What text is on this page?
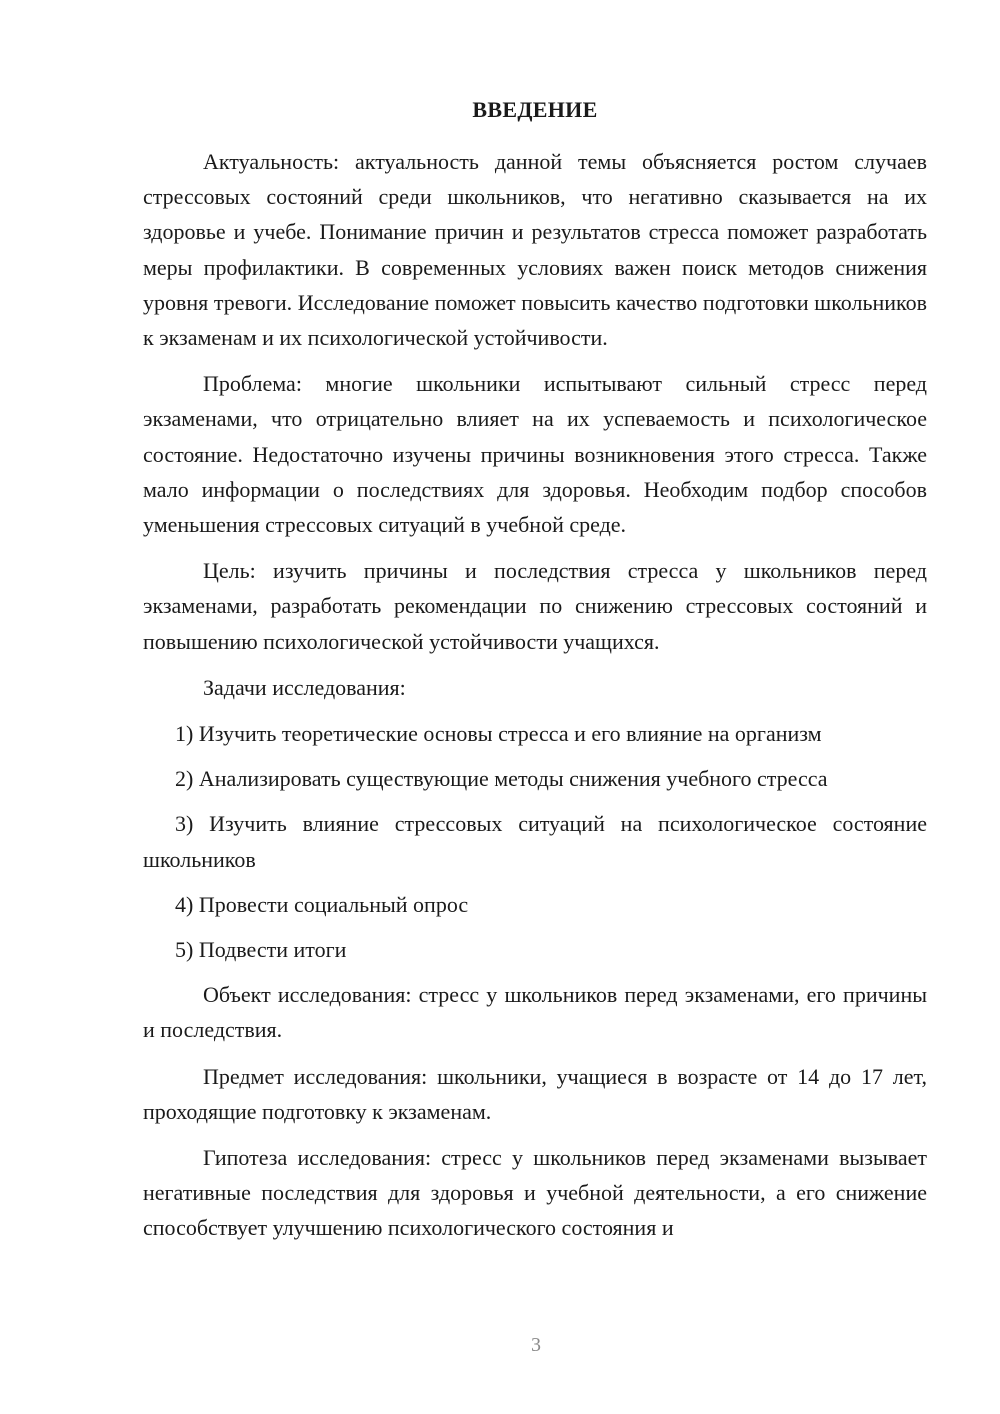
ВВЕДЕНИЕ

Актуальность: актуальность данной темы объясняется ростом случаев стрессовых состояний среди школьников, что негативно сказывается на их здоровье и учебе. Понимание причин и результатов стресса поможет разработать меры профилактики. В современных условиях важен поиск методов снижения уровня тревоги. Исследование поможет повысить качество подготовки школьников к экзаменам и их психологической устойчивости.

Проблема: многие школьники испытывают сильный стресс перед экзаменами, что отрицательно влияет на их успеваемость и психологическое состояние. Недостаточно изучены причины возникновения этого стресса. Также мало информации о последствиях для здоровья. Необходим подбор способов уменьшения стрессовых ситуаций в учебной среде.

Цель: изучить причины и последствия стресса у школьников перед экзаменами, разработать рекомендации по снижению стрессовых состояний и повышению психологической устойчивости учащихся.

Задачи исследования:

1) Изучить теоретические основы стресса и его влияние на организм

2) Анализировать существующие методы снижения учебного стресса

3) Изучить влияние стрессовых ситуаций на психологическое состояние школьников

4) Провести социальный опрос

5) Подвести итоги

Объект исследования: стресс у школьников перед экзаменами, его причины и последствия.

Предмет исследования: школьники, учащиеся в возрасте от 14 до 17 лет, проходящие подготовку к экзаменам.

Гипотеза исследования: стресс у школьников перед экзаменами вызывает негативные последствия для здоровья и учебной деятельности, а его снижение способствует улучшению психологического состояния и

3
